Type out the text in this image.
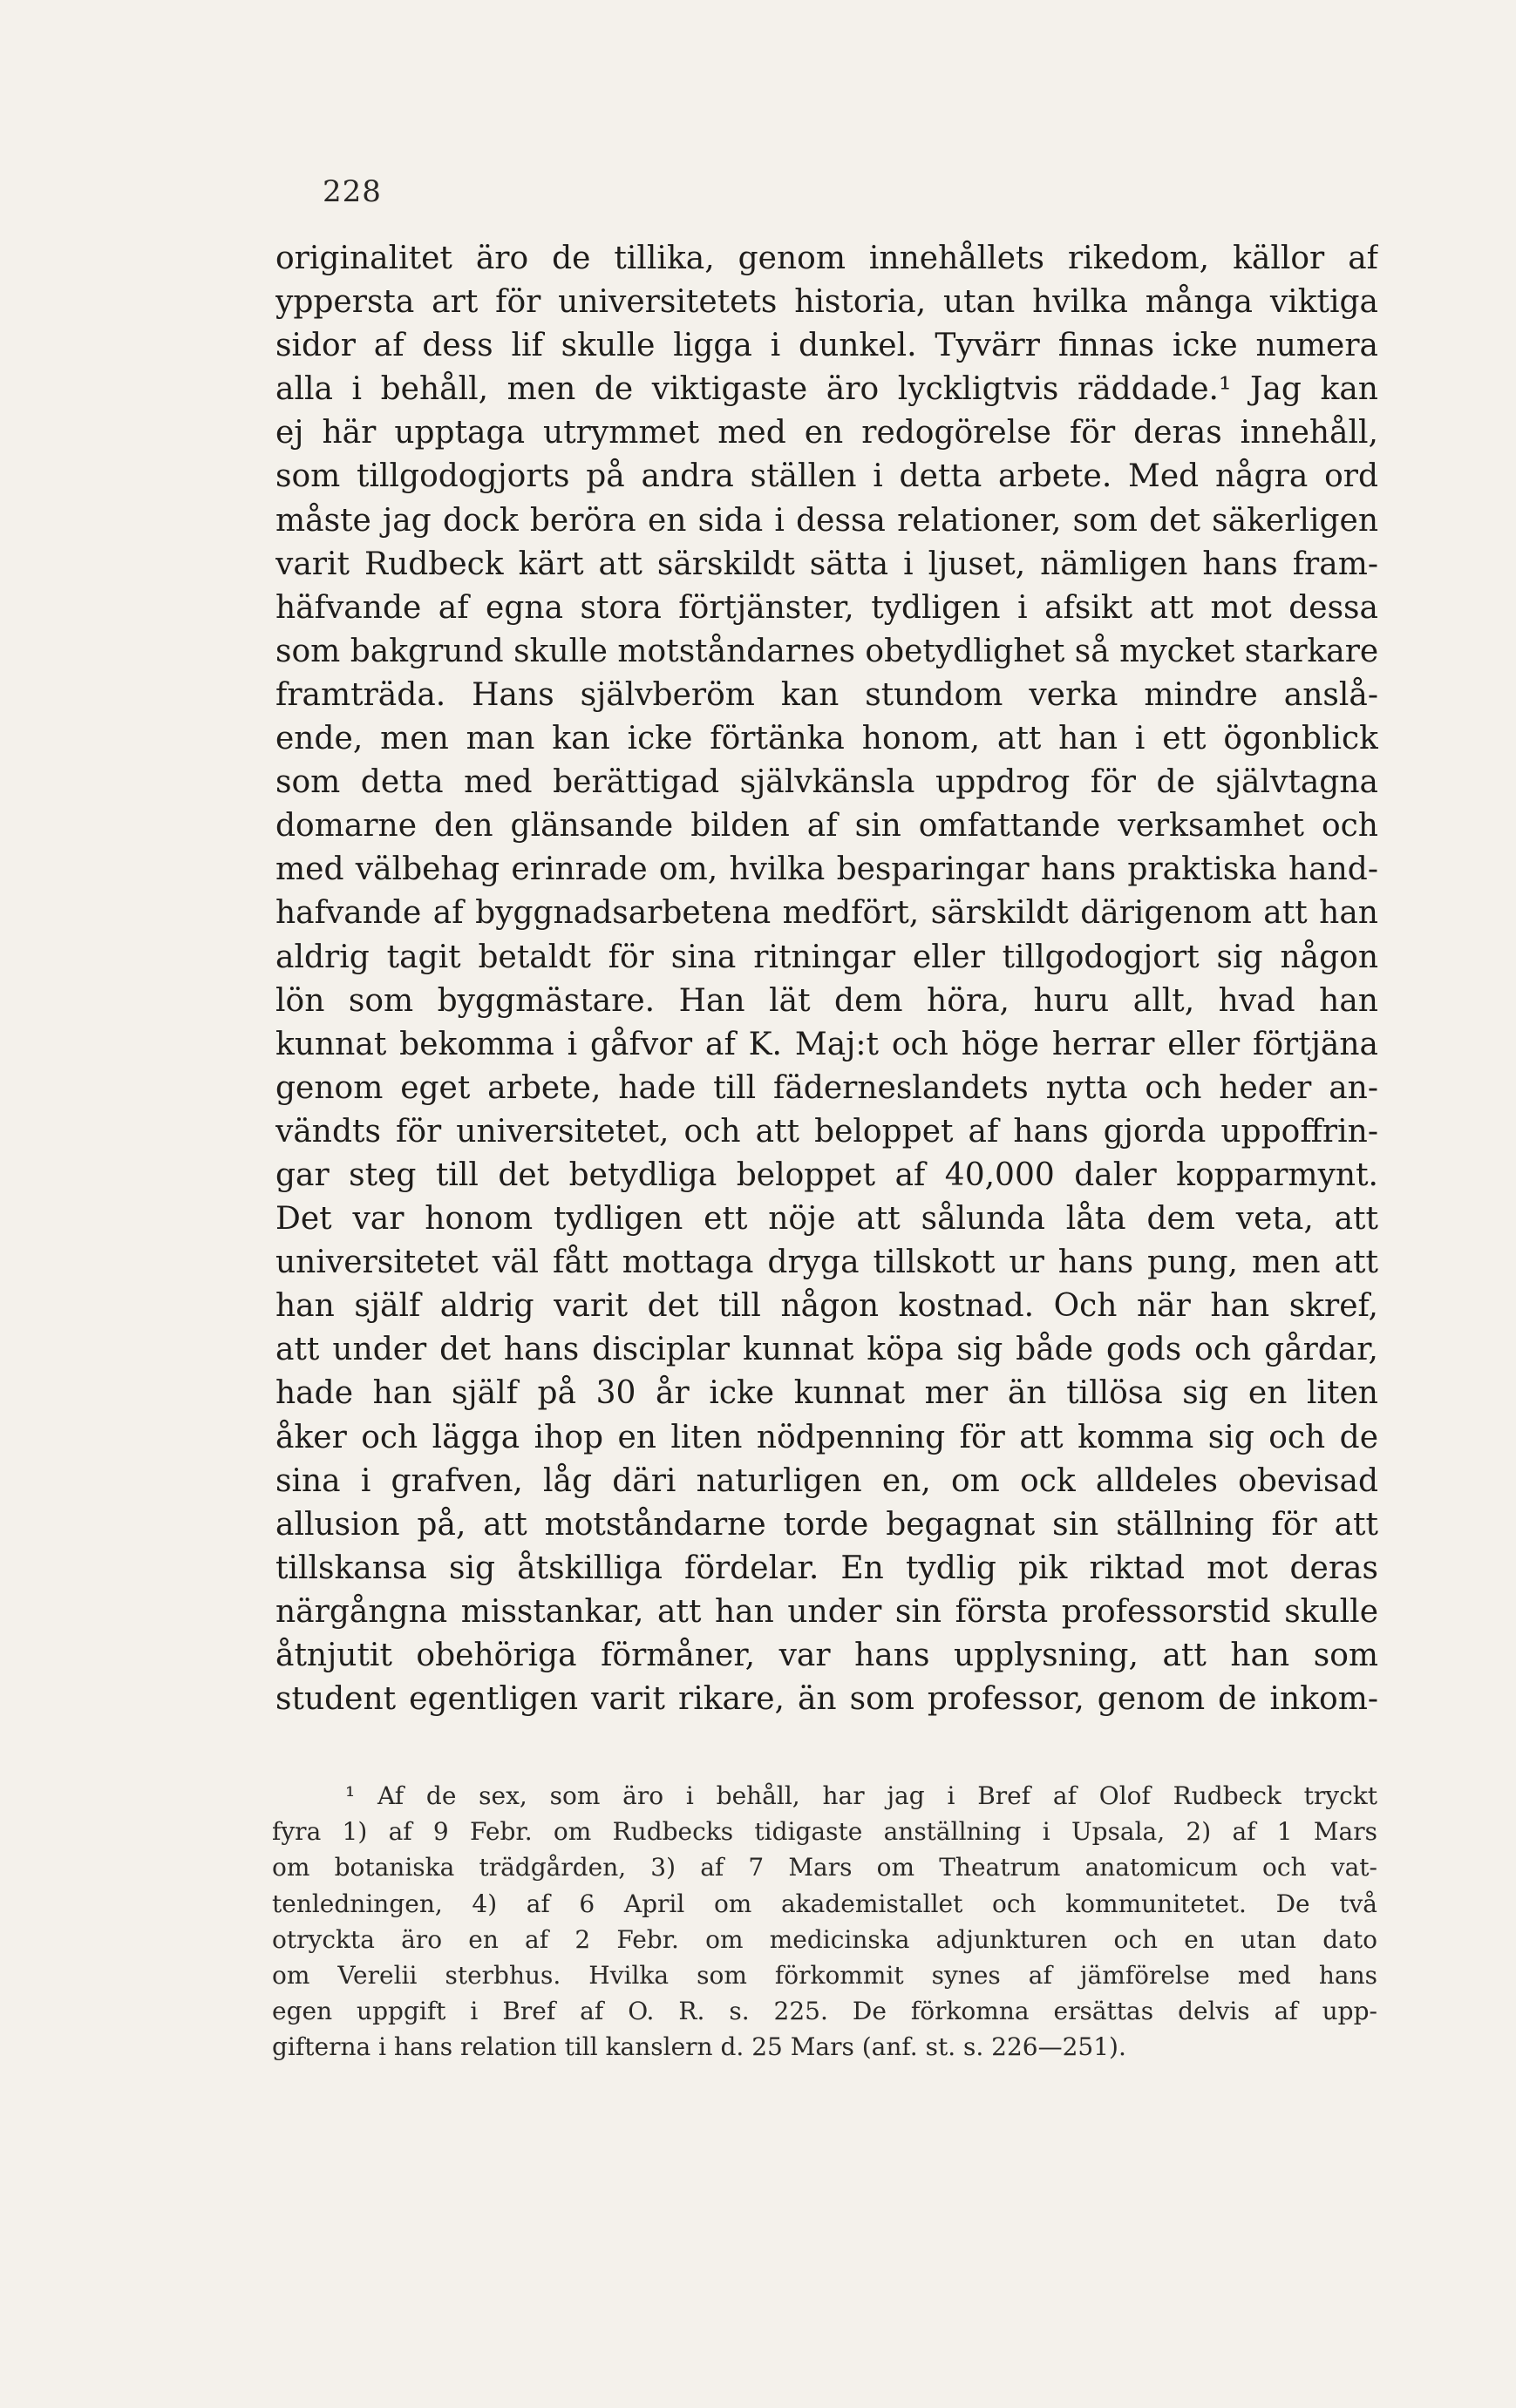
228
originalitet äro de tillika, genom innehållets rikedom, källor af
yppersta art för universitetets historia, utan hvilka många viktiga
sidor af dess lif skulle ligga i dunkel. Tyvärr finnas icke numera
alla i behåll, men de viktigaste äro lyckligtvis räddade.¹ Jag kan
ej här upptaga utrymmet med en redogörelse för deras innehåll,
som tillgodogjorts på andra ställen i detta arbete. Med några ord
måste jag dock beröra en sida i dessa relationer, som det säkerligen
varit Rudbeck kärt att särskildt sätta i ljuset, nämligen hans fram-
häfvande af egna stora förtjänster, tydligen i afsikt att mot dessa
som bakgrund skulle motståndarnes obetydlighet så mycket starkare
framträda. Hans självberöm kan stundom verka mindre anslå-
ende, men man kan icke förtänka honom, att han i ett ögonblick
som detta med berättigad självkänsla uppdrog för de självtagna
domarne den glänsande bilden af sin omfattande verksamhet och
med välbehag erinrade om, hvilka besparingar hans praktiska hand-
hafvande af byggnadsarbetena medfört, särskildt därigenom att han
aldrig tagit betaldt för sina ritningar eller tillgodogjort sig någon
lön som byggmästare. Han lät dem höra, huru allt, hvad han
kunnat bekomma i gåfvor af K. Maj:t och höge herrar eller förtjäna
genom eget arbete, hade till fäderneslandets nytta och heder an-
vändts för universitetet, och att beloppet af hans gjorda uppoffrin-
gar steg till det betydliga beloppet af 40,000 daler kopparmynt.
Det var honom tydligen ett nöje att sålunda låta dem veta, att
universitetet väl fått mottaga dryga tillskott ur hans pung, men att
han själf aldrig varit det till någon kostnad. Och när han skref,
att under det hans disciplar kunnat köpa sig både gods och gårdar,
hade han själf på 30 år icke kunnat mer än tillösa sig en liten
åker och lägga ihop en liten nödpenning för att komma sig och de
sina i grafven, låg däri naturligen en, om ock alldeles obevisad
allusion på, att motståndarne torde begagnat sin ställning för att
tillskansa sig åtskilliga fördelar. En tydlig pik riktad mot deras
närgångna misstankar, att han under sin första professorstid skulle
åtnjutit obehöriga förmåner, var hans upplysning, att han som
student egentligen varit rikare, än som professor, genom de inkom-
¹ Af de sex, som äro i behåll, har jag i Bref af Olof Rudbeck tryckt
fyra 1) af 9 Febr. om Rudbecks tidigaste anställning i Upsala, 2) af 1 Mars
om botaniska trädgården, 3) af 7 Mars om Theatrum anatomicum och vat-
tenledningen, 4) af 6 April om akademistallet och kommunitetet. De två
otryckta äro en af 2 Febr. om medicinska adjunkturen och en utan dato
om Verelii sterbhus. Hvilka som förkommit synes af jämförelse med hans
egen uppgift i Bref af O. R. s. 225. De förkomna ersättas delvis af upp-
gifterna i hans relation till kanslern d. 25 Mars (anf. st. s. 226—251).
